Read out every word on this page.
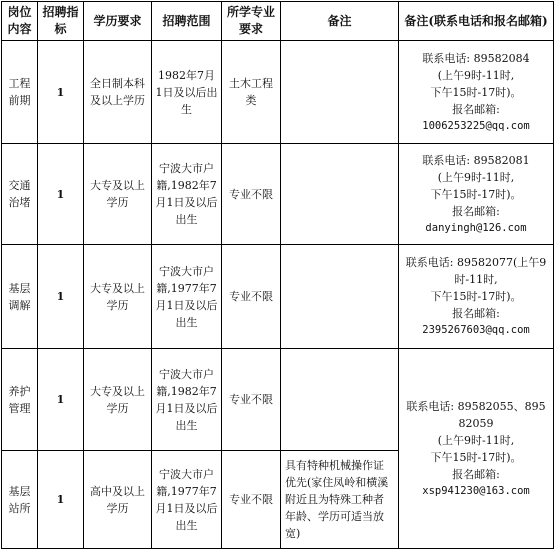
岗位内容	招聘指标	学历要求	招聘范围	所学专业要求	备注	备注(联系电话和报名邮箱)
工程前期	1	全日制本科及以上学历	1982年7月1日及以后出生	土木工程类		联系电话: 89582084
(上午9时-11时,
下午15时-17时)。
报名邮箱:
1006253225@qq.com

交通治堵	1	大专及以上学历	宁波大市户籍,1982年7月1日及以后出生	专业不限		联系电话: 89582081
(上午9时-11时,
下午15时-17时)。
报名邮箱:
danyingh@126.com

基层调解	1	大专及以上学历	宁波大市户籍,1977年7月1日及以后出生	专业不限		联系电话: 89582077(上午9时-11时,
下午15时-17时)。
报名邮箱:
2395267603@qq.com

养护管理	1	大专及以上学历	宁波大市户籍,1982年7月1日及以后出生	专业不限		联系电话: 89582055、89582059
(上午9时-11时,
下午15时-17时)。
报名邮箱:
xsp941230@163.com

基层站所	1	高中及以上学历	宁波大市户籍,1977年7月1日及以后出生	专业不限	具有特种机械操作证优先(家住凤岭和横溪附近且为特殊工种者年龄、学历可适当放宽)	
